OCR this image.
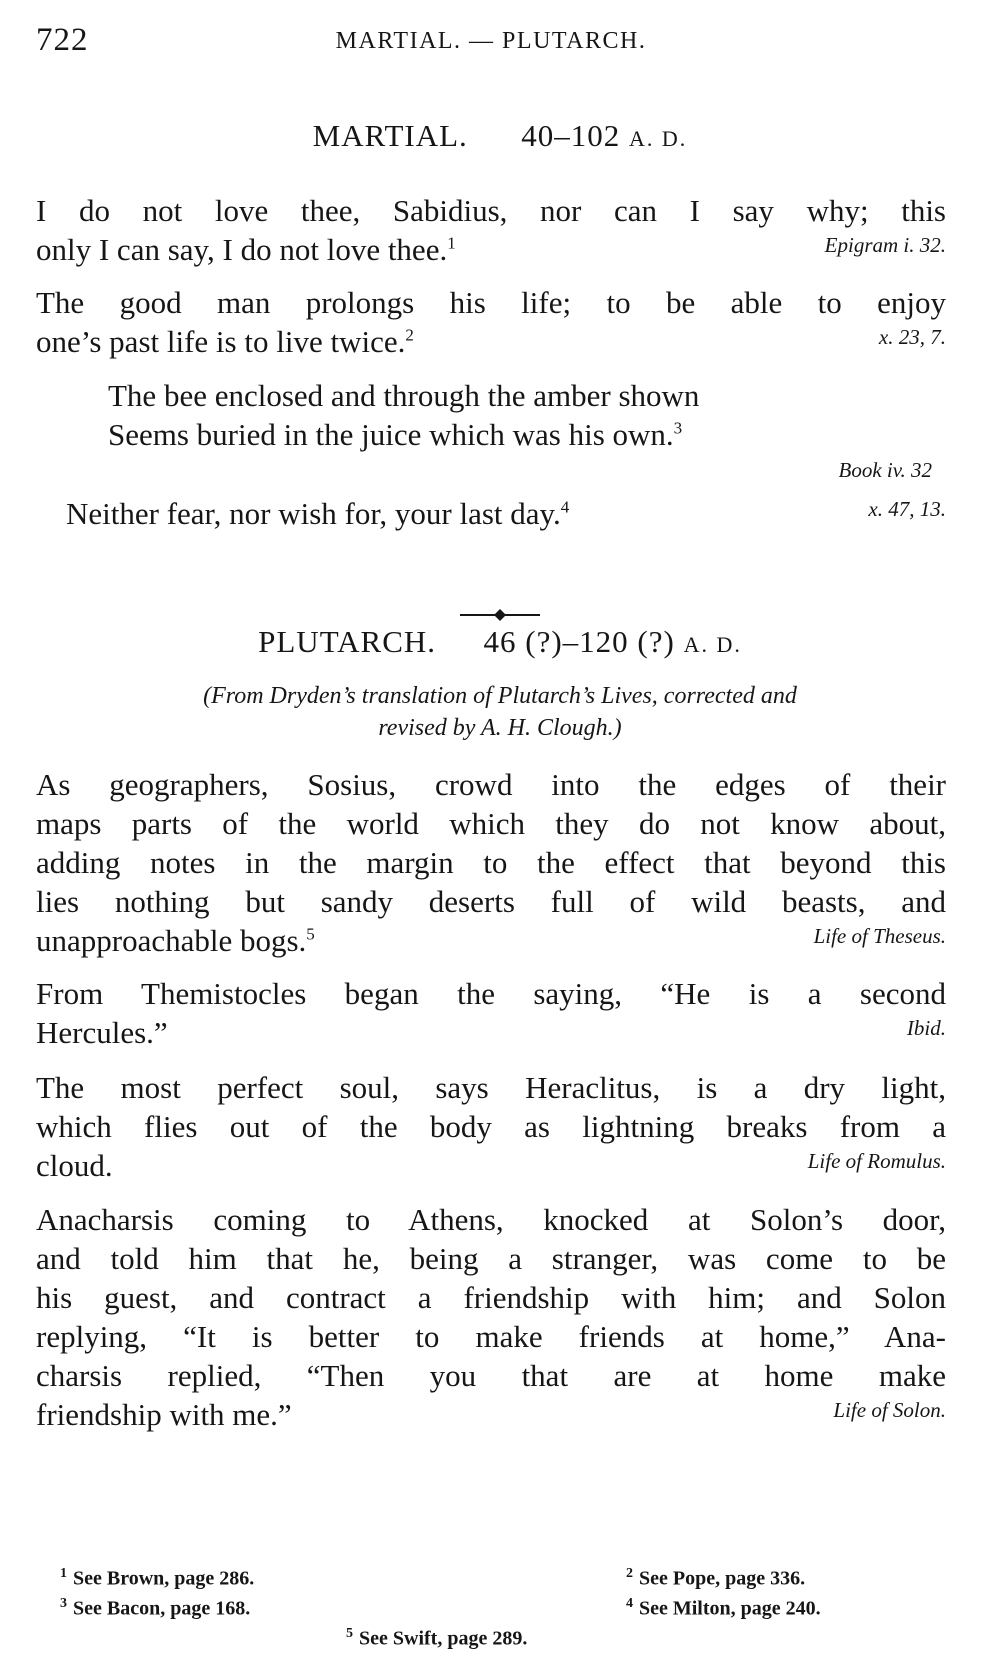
722	MARTIAL. — PLUTARCH.
MARTIAL. 40–102 A. D.
I do not love thee, Sabidius, nor can I say why; this
only I can say, I do not love thee.$^1$	Epigram i. 32.
The good man prolongs his life; to be able to enjoy
one’s past life is to live twice.$^2$	x. 23, 7.
The bee enclosed and through the amber shown
Seems buried in the juice which was his own.$^3$
Book iv. 32
Neither fear, nor wish for, your last day.$^4$	x. 47, 13.
PLUTARCH. 46 (?)–120 (?) A. D.
(From Dryden’s translation of Plutarch’s Lives, corrected and
revised by A. H. Clough.)
As geographers, Sosius, crowd into the edges of their
maps parts of the world which they do not know about,
adding notes in the margin to the effect that beyond this
lies nothing but sandy deserts full of wild beasts, and
unapproachable bogs.$^5$	Life of Theseus.
From Themistocles began the saying, “He is a second
Hercules.”	Ibid.
The most perfect soul, says Heraclitus, is a dry light,
which flies out of the body as lightning breaks from a
cloud.	Life of Romulus.
Anacharsis coming to Athens, knocked at Solon’s door,
and told him that he, being a stranger, was come to be
his guest, and contract a friendship with him; and Solon
replying, “It is better to make friends at home,” Ana-
charsis replied, “Then you that are at home make
friendship with me.”	Life of Solon.
$^1$ See Brown, page 286.	$^2$ See Pope, page 336.
$^3$ See Bacon, page 168.	$^4$ See Milton, page 240.
$^5$ See Swift, page 289.
